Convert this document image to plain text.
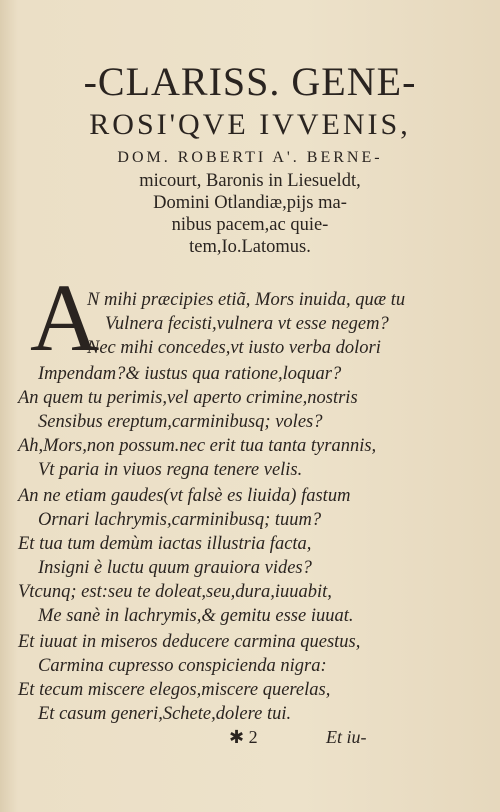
-CLARISS. GENE-
ROSI'QVE IVVENIS,
DOM. ROBERTI A'. BERNE-
micourt, Baronis in Liesueldt,
Domini Otlandiæ,pijs ma-
nibus pacem,ac quie-
tem,Io.Latomus.
A
N mihi præcipies etiã, Mors inuida, quæ tu
Vulnera fecisti,vulnera vt esse negem?
Nec mihi concedes,vt iusto verba dolori
Impendam?& iustus qua ratione,loquar?
An quem tu perimis,vel aperto crimine,nostris
Sensibus ereptum,carminibusq; voles?
Ah,Mors,non possum.nec erit tua tanta tyrannis,
Vt paria in viuos regna tenere velis.
An ne etiam gaudes(vt falsè es liuida) fastum
Ornari lachrymis,carminibusq; tuum?
Et tua tum demùm iactas illustria facta,
Insigni è luctu quum grauiora vides?
Vtcunq; est:seu te doleat,seu,dura,iuuabit,
Me sanè in lachrymis,& gemitu esse iuuat.
Et iuuat in miseros deducere carmina questus,
Carmina cupresso conspicienda nigra:
Et tecum miscere elegos,miscere querelas,
Et casum generi,Schete,dolere tui.
✱ 2	Et iu-
